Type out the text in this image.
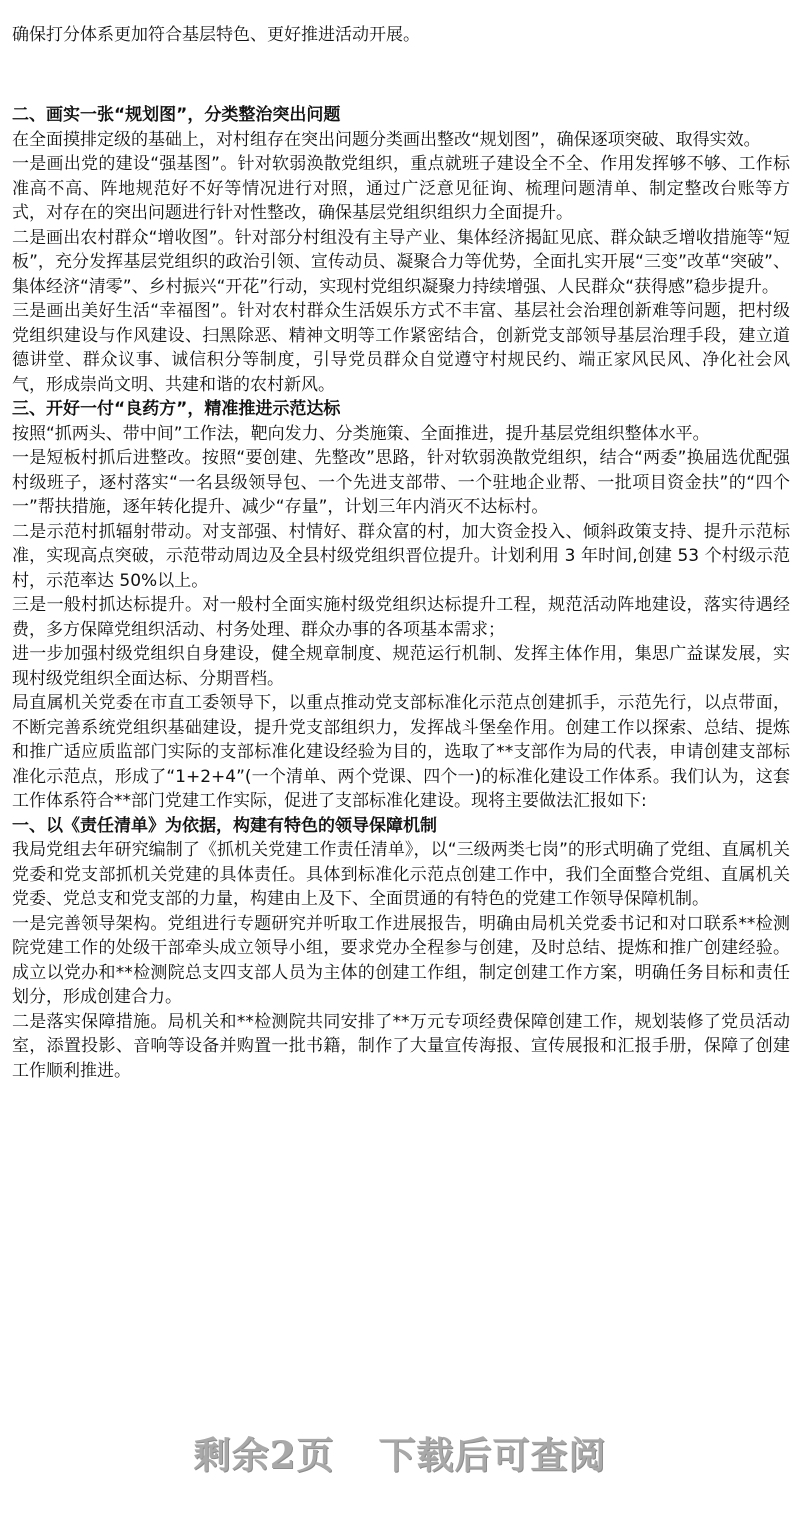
确保打分体系更加符合基层特色、更好推进活动开展。

二、画实一张“规划图”，分类整治突出问题

在全面摸排定级的基础上，对村组存在突出问题分类画出整改“规划图”，确保逐项突破、取得实效。

一是画出党的建设“强基图”。针对软弱涣散党组织，重点就班子建设全不全、作用发挥够不够、工作标准高不高、阵地规范好不好等情况进行对照，通过广泛意见征询、梳理问题清单、制定整改台账等方式，对存在的突出问题进行针对性整改，确保基层党组织组织力全面提升。

二是画出农村群众“增收图”。针对部分村组没有主导产业、集体经济揭缸见底、群众缺乏增收措施等“短板”，充分发挥基层党组织的政治引领、宣传动员、凝聚合力等优势，全面扎实开展“三变”改革“突破”、集体经济“清零”、乡村振兴“开花”行动，实现村党组织凝聚力持续增强、人民群众“获得感”稳步提升。

三是画出美好生活“幸福图”。针对农村群众生活娱乐方式不丰富、基层社会治理创新难等问题，把村级党组织建设与作风建设、扫黑除恶、精神文明等工作紧密结合，创新党支部领导基层治理手段，建立道德讲堂、群众议事、诚信积分等制度，引导党员群众自觉遵守村规民约、端正家风民风、净化社会风气，形成崇尚文明、共建和谐的农村新风。

三、开好一付“良药方”，精准推进示范达标

按照“抓两头、带中间”工作法，靶向发力、分类施策、全面推进，提升基层党组织整体水平。

一是短板村抓后进整改。按照“要创建、先整改”思路，针对软弱涣散党组织，结合“两委”换届选优配强村级班子，逐村落实“一名县级领导包、一个先进支部带、一个驻地企业帮、一批项目资金扶”的“四个一”帮扶措施，逐年转化提升、减少“存量”，计划三年内消灭不达标村。

二是示范村抓辐射带动。对支部强、村情好、群众富的村，加大资金投入、倾斜政策支持、提升示范标准，实现高点突破，示范带动周边及全县村级党组织晋位提升。计划利用 3 年时间,创建 53 个村级示范村，示范率达 50%以上。

三是一般村抓达标提升。对一般村全面实施村级党组织达标提升工程，规范活动阵地建设，落实待遇经费，多方保障党组织活动、村务处理、群众办事的各项基本需求；

进一步加强村级党组织自身建设，健全规章制度、规范运行机制、发挥主体作用，集思广益谋发展，实现村级党组织全面达标、分期晋档。

局直属机关党委在市直工委领导下，以重点推动党支部标准化示范点创建抓手，示范先行，以点带面，不断完善系统党组织基础建设，提升党支部组织力，发挥战斗堡垒作用。创建工作以探索、总结、提炼和推广适应质监部门实际的支部标准化建设经验为目的，选取了**支部作为局的代表，申请创建支部标准化示范点，形成了“1+2+4”(一个清单、两个党课、四个一)的标准化建设工作体系。我们认为，这套工作体系符合**部门党建工作实际，促进了支部标准化建设。现将主要做法汇报如下:

一、以《责任清单》为依据，构建有特色的领导保障机制

我局党组去年研究编制了《抓机关党建工作责任清单》，以“三级两类七岗”的形式明确了党组、直属机关党委和党支部抓机关党建的具体责任。具体到标准化示范点创建工作中，我们全面整合党组、直属机关党委、党总支和党支部的力量，构建由上及下、全面贯通的有特色的党建工作领导保障机制。

一是完善领导架构。党组进行专题研究并听取工作进展报告，明确由局机关党委书记和对口联系**检测院党建工作的处级干部牵头成立领导小组，要求党办全程参与创建，及时总结、提炼和推广创建经验。成立以党办和**检测院总支四支部人员为主体的创建工作组，制定创建工作方案，明确任务目标和责任划分，形成创建合力。

二是落实保障措施。局机关和**检测院共同安排了**万元专项经费保障创建工作，规划装修了党员活动室，添置投影、音响等设备并购置一批书籍，制作了大量宣传海报、宣传展报和汇报手册，保障了创建工作顺利推进。

剩余2页 下载后可查阅
